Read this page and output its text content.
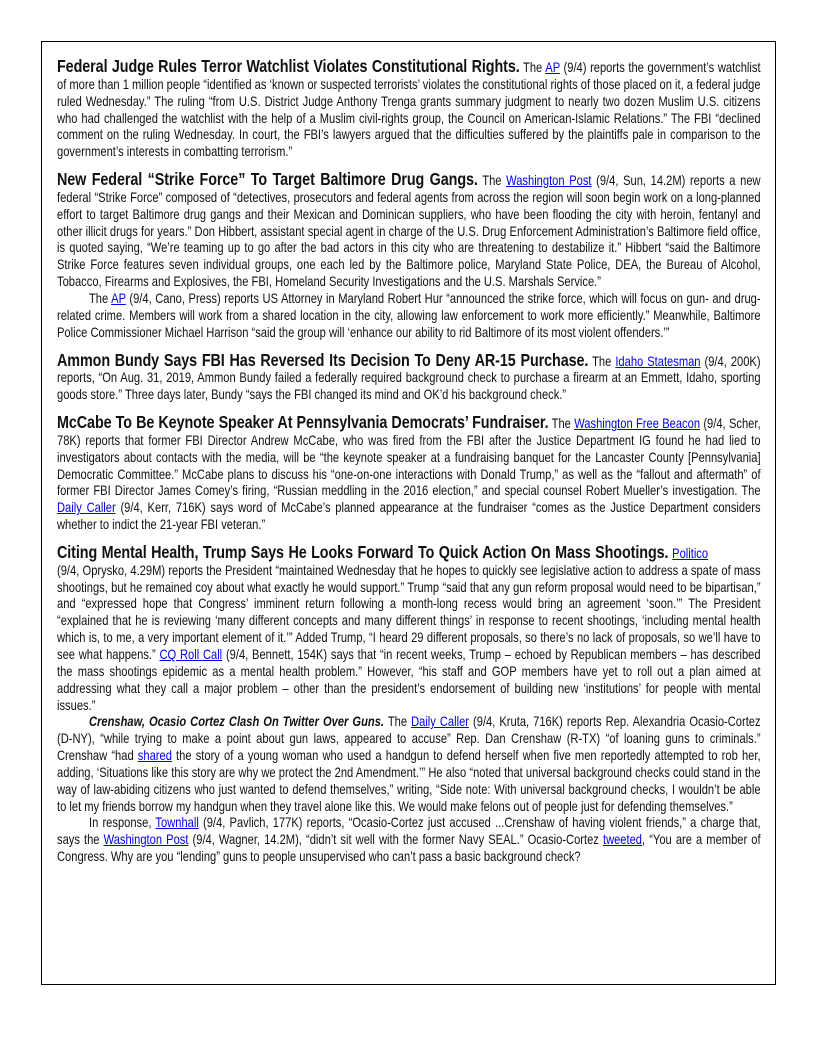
Federal Judge Rules Terror Watchlist Violates Constitutional Rights. The AP (9/4) reports the government’s watchlist of more than 1 million people “identified as ‘known or suspected terrorists’ violates the constitutional rights of those placed on it, a federal judge ruled Wednesday.” The ruling “from U.S. District Judge Anthony Trenga grants summary judgment to nearly two dozen Muslim U.S. citizens who had challenged the watchlist with the help of a Muslim civil-rights group, the Council on American-Islamic Relations.” The FBI “declined comment on the ruling Wednesday. In court, the FBI’s lawyers argued that the difficulties suffered by the plaintiffs pale in comparison to the government’s interests in combatting terrorism.”

New Federal “Strike Force” To Target Baltimore Drug Gangs. The Washington Post (9/4, Sun, 14.2M) reports a new federal “Strike Force” composed of “detectives, prosecutors and federal agents from across the region will soon begin work on a long-planned effort to target Baltimore drug gangs and their Mexican and Dominican suppliers, who have been flooding the city with heroin, fentanyl and other illicit drugs for years.” Don Hibbert, assistant special agent in charge of the U.S. Drug Enforcement Administration’s Baltimore field office, is quoted saying, “We’re teaming up to go after the bad actors in this city who are threatening to destabilize it.” Hibbert “said the Baltimore Strike Force features seven individual groups, one each led by the Baltimore police, Maryland State Police, DEA, the Bureau of Alcohol, Tobacco, Firearms and Explosives, the FBI, Homeland Security Investigations and the U.S. Marshals Service.”

The AP (9/4, Cano, Press) reports US Attorney in Maryland Robert Hur “announced the strike force, which will focus on gun- and drug-related crime. Members will work from a shared location in the city, allowing law enforcement to work more efficiently.” Meanwhile, Baltimore Police Commissioner Michael Harrison “said the group will ‘enhance our ability to rid Baltimore of its most violent offenders.’”

Ammon Bundy Says FBI Has Reversed Its Decision To Deny AR-15 Purchase. The Idaho Statesman (9/4, 200K) reports, “On Aug. 31, 2019, Ammon Bundy failed a federally required background check to purchase a firearm at an Emmett, Idaho, sporting goods store.” Three days later, Bundy “says the FBI changed its mind and OK’d his background check.”

McCabe To Be Keynote Speaker At Pennsylvania Democrats’ Fundraiser. The Washington Free Beacon (9/4, Scher, 78K) reports that former FBI Director Andrew McCabe, who was fired from the FBI after the Justice Department IG found he had lied to investigators about contacts with the media, will be “the keynote speaker at a fundraising banquet for the Lancaster County [Pennsylvania] Democratic Committee.” McCabe plans to discuss his “one-on-one interactions with Donald Trump,” as well as the “fallout and aftermath” of former FBI Director James Comey’s firing, “Russian meddling in the 2016 election,” and special counsel Robert Mueller’s investigation. The Daily Caller (9/4, Kerr, 716K) says word of McCabe’s planned appearance at the fundraiser “comes as the Justice Department considers whether to indict the 21-year FBI veteran.”

Citing Mental Health, Trump Says He Looks Forward To Quick Action On Mass Shootings. Politico(9/4, Oprysko, 4.29M) reports the President “maintained Wednesday that he hopes to quickly see legislative action to address a spate of mass shootings, but he remained coy about what exactly he would support.” Trump “said that any gun reform proposal would need to be bipartisan,” and “expressed hope that Congress’ imminent return following a month-long recess would bring an agreement ‘soon.’” The President “explained that he is reviewing ‘many different concepts and many different things’ in response to recent shootings, ‘including mental health which is, to me, a very important element of it.’” Added Trump, “I heard 29 different proposals, so there’s no lack of proposals, so we’ll have to see what happens.” CQ Roll Call (9/4, Bennett, 154K) says that “in recent weeks, Trump – echoed by Republican members – has described the mass shootings epidemic as a mental health problem.” However, “his staff and GOP members have yet to roll out a plan aimed at addressing what they call a major problem – other than the president’s endorsement of building new ‘institutions’ for people with mental issues.”

Crenshaw, Ocasio Cortez Clash On Twitter Over Guns. The Daily Caller (9/4, Kruta, 716K) reports Rep. Alexandria Ocasio-Cortez (D-NY), “while trying to make a point about gun laws, appeared to accuse” Rep. Dan Crenshaw (R-TX) “of loaning guns to criminals.” Crenshaw “had shared the story of a young woman who used a handgun to defend herself when five men reportedly attempted to rob her, adding, ‘Situations like this story are why we protect the 2nd Amendment.’” He also “noted that universal background checks could stand in the way of law-abiding citizens who just wanted to defend themselves,” writing, “Side note: With universal background checks, I wouldn’t be able to let my friends borrow my handgun when they travel alone like this. We would make felons out of people just for defending themselves.”

In response, Townhall (9/4, Pavlich, 177K) reports, “Ocasio-Cortez just accused ...Crenshaw of having violent friends,” a charge that, says the Washington Post (9/4, Wagner, 14.2M), “didn’t sit well with the former Navy SEAL.” Ocasio-Cortez tweeted, “You are a member of Congress. Why are you “lending” guns to people unsupervised who can’t pass a basic background check?
